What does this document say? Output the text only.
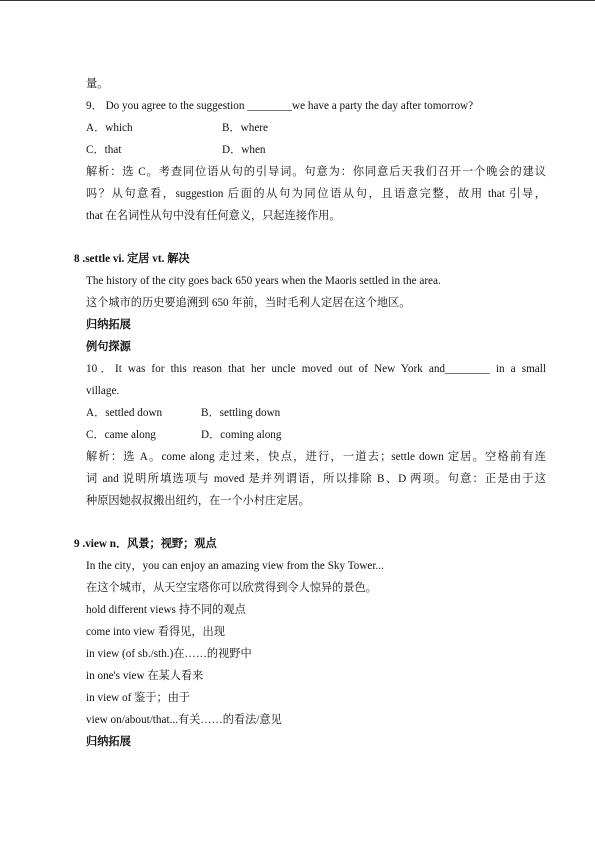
量。
9． Do you agree to the suggestion ________we have a party the day after tomorrow?
A．which	B．where
C．that	D．when
解析：选 C。考查同位语从句的引导词。句意为：你同意后天我们召开一个晚会的建议
吗？从句意看，suggestion 后面的从句为同位语从句，且语意完整，故用 that 引导，
that 在名词性从句中没有任何意义，只起连接作用。
8 .settle vi. 定居 vt. 解决
The history of the city goes back 650 years when the Maoris settled in the area.
这个城市的历史要追溯到 650 年前，当时毛利人定居在这个地区。
归纳拓展
例句探源
10．It was for this reason that her uncle moved out of New York and________ in a small
village.
A．settled down	B．settling down
C．came along	D．coming along
解析：选 A。come along 走过来，快点，进行，一道去；settle down 定居。空格前有连
词 and 说明所填选项与 moved 是并列谓语，所以排除 B、D 两项。句意：正是由于这
种原因她叔叔搬出纽约，在一个小村庄定居。
9 .view n．风景；视野；观点
In the city，you can enjoy an amazing view from the Sky Tower...
在这个城市，从天空宝塔你可以欣赏得到令人惊异的景色。
hold different views 持不同的观点
come into view 看得见，出现
in view (of sb./sth.)在……的视野中
in one's view 在某人看来
in view of 鉴于；由于
view on/about/that...有关……的看法/意见
归纳拓展
